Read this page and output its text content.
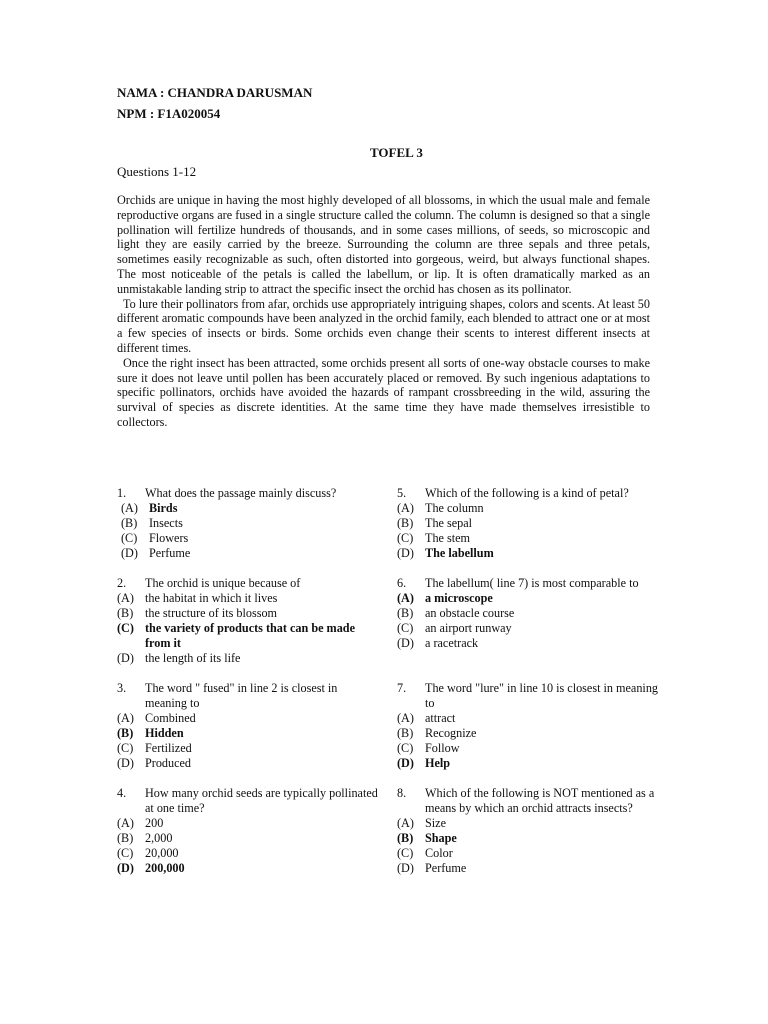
NAMA : CHANDRA DARUSMAN
NPM : F1A020054
TOFEL 3
Questions 1-12

Orchids are unique in having the most highly developed of all blossoms, in which the usual male and female reproductive organs are fused in a single structure called the column. The column is designed so that a single pollination will fertilize hundreds of thousands, and in some cases millions, of seeds, so microscopic and light they are easily carried by the breeze. Surrounding the column are three sepals and three petals, sometimes easily recognizable as such, often distorted into gorgeous, weird, but always functional shapes. The most noticeable of the petals is called the labellum, or lip. It is often dramatically marked as an unmistakable landing strip to attract the specific insect the orchid has chosen as its pollinator.

To lure their pollinators from afar, orchids use appropriately intriguing shapes, colors and scents. At least 50 different aromatic compounds have been analyzed in the orchid family, each blended to attract one or at most a few species of insects or birds. Some orchids even change their scents to interest different insects at different times.

Once the right insect has been attracted, some orchids present all sorts of one-way obstacle courses to make sure it does not leave until pollen has been accurately placed or removed. By such ingenious adaptations to specific pollinators, orchids have avoided the hazards of rampant crossbreeding in the wild, assuring the survival of species as discrete identities. At the same time they have made themselves irresistible to collectors.

1.	What does the passage mainly discuss?
(A) Birds
(B) Insects
(C) Flowers
(D) Perfume
2.	The orchid is unique because of
(A) the habitat in which it lives
(B) the structure of its blossom
(C) the variety of products that can be made from it
(D) the length of its life
3.	The word " fused" in line 2 is closest in meaning to
(A) Combined
(B) Hidden
(C) Fertilized
(D) Produced
4.	How many orchid seeds are typically pollinated at one time?
(A) 200
(B) 2,000
(C) 20,000
(D) 200,000
5.	Which of the following is a kind of petal?
(A) The column
(B) The sepal
(C) The stem
(D) The labellum
6.	The labellum( line 7) is most comparable to
(A) a microscope
(B) an obstacle course
(C) an airport runway
(D) a racetrack
7.	The word "lure" in line 10 is closest in meaning to
(A) attract
(B) Recognize
(C) Follow
(D) Help
8.	Which of the following is NOT mentioned as a means by which an orchid attracts insects?
(A) Size
(B) Shape
(C) Color
(D) Perfume
